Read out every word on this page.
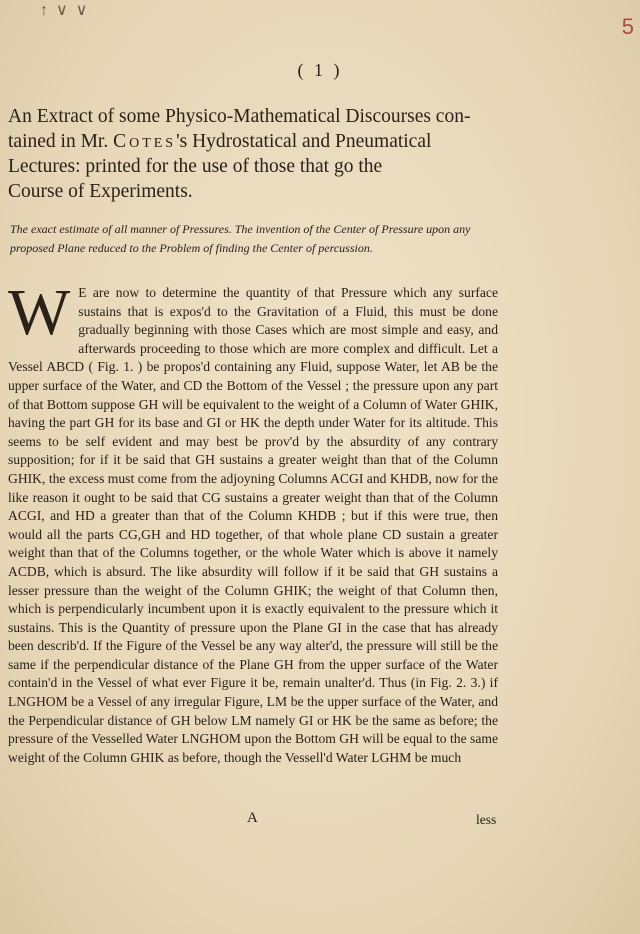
↑ ∨ ∨
5
( 1 )
An Extract of some Physico-Mathematical Discourses con-
tained in Mr. Cotes's Hydrostatical and Pneumatical
Lectures: printed for the use of those that go the
Course of Experiments.
The exact estimate of all manner of Pressures. The invention of the Center of Pressure upon any proposed Plane reduced to the Problem of finding the Center of percussion.
W E are now to determine the quantity of that Pressure which any surface sustains that is expos'd to the Gravitation of a Fluid, this must be done gradually beginning with those Cases which are most simple and easy, and afterwards proceeding to those which are more complex and difficult. Let a Vessel ABCD ( Fig. 1. ) be propos'd containing any Fluid, suppose Water, let AB be the upper surface of the Water, and CD the Bottom of the Vessel ; the pressure upon any part of that Bottom suppose GH will be equivalent to the weight of a Column of Water GHIK, having the part GH for its base and GI or HK the depth under Water for its altitude. This seems to be self evident and may best be prov'd by the absurdity of any contrary supposition; for if it be said that GH sustains a greater weight than that of the Column GHIK, the excess must come from the adjoyning Columns ACGI and KHDB, now for the like reason it ought to be said that CG sustains a greater weight than that of the Column ACGI, and HD a greater than that of the Column KHDB ; but if this were true, then would all the parts CG,GH and HD together, of that whole plane CD sustain a greater weight than that of the Columns together, or the whole Water which is above it namely ACDB, which is absurd. The like absurdity will follow if it be said that GH sustains a lesser pressure than the weight of the Column GHIK; the weight of that Column then, which is perpendicularly incumbent upon it is exactly equivalent to the pressure which it sustains. This is the Quantity of pressure upon the Plane GI in the case that has already been describ'd. If the Figure of the Vessel be any way alter'd, the pressure will still be the same if the perpendicular distance of the Plane GH from the upper surface of the Water contain'd in the Vessel of what ever Figure it be, remain unalter'd. Thus (in Fig. 2. 3.) if LNGHOM be a Vessel of any irregular Figure, LM be the upper surface of the Water, and the Perpendicular distance of GH below LM namely GI or HK be the same as before; the pressure of the Vesselled Water LNGHOM upon the Bottom GH will be equal to the same weight of the Column GHIK as before, though the Vessell'd Water LGHM be much
A	less
